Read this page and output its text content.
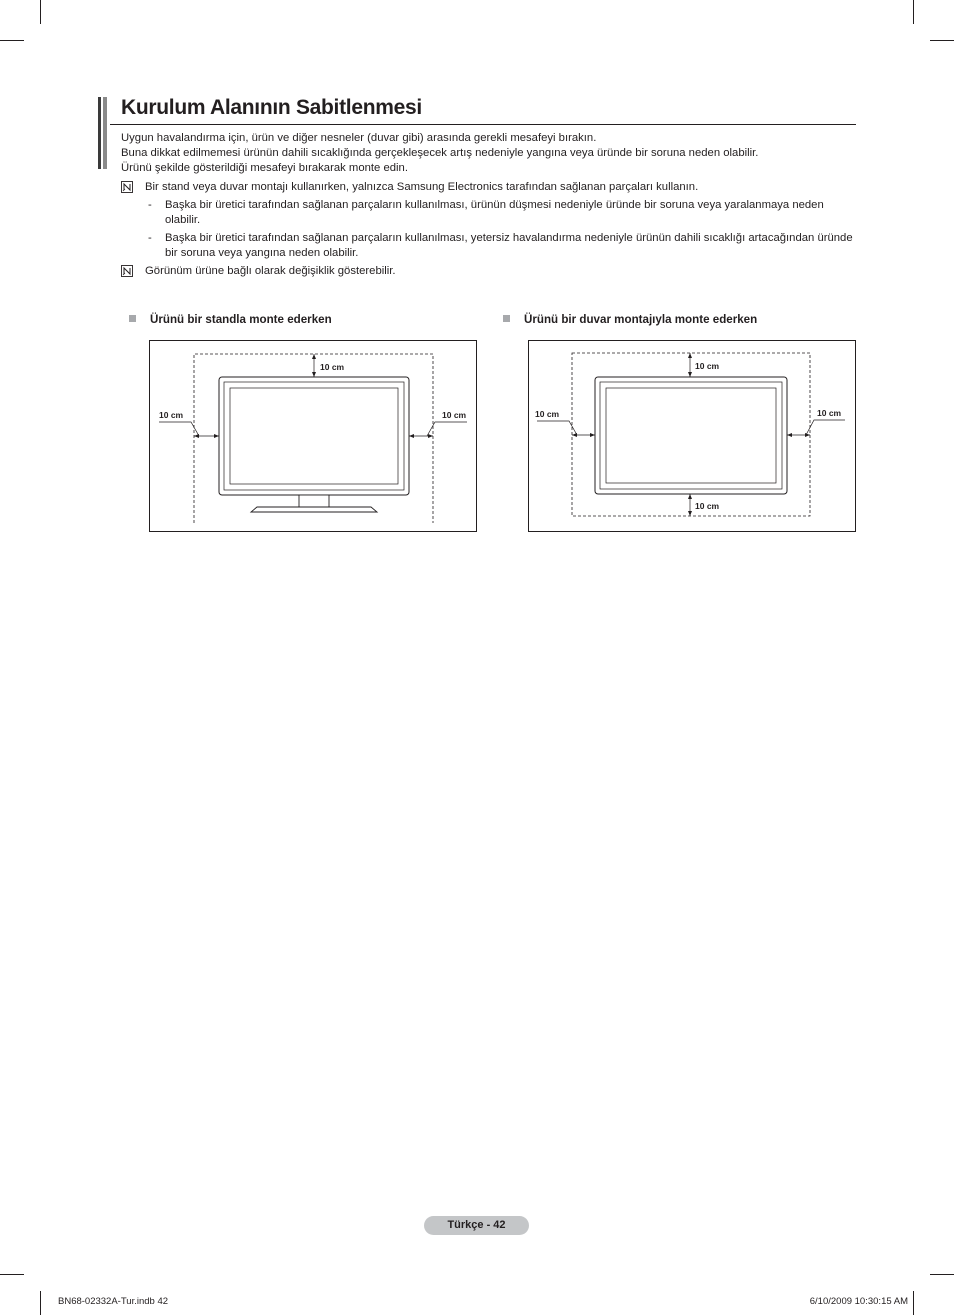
Kurulum Alanının Sabitlenmesi
Uygun havalandırma için, ürün ve diğer nesneler (duvar gibi) arasında gerekli mesafeyi bırakın.
Buna dikkat edilmemesi ürünün dahili sıcaklığında gerçekleşecek artış nedeniyle yangına veya üründe bir soruna neden olabilir.
Ürünü şekilde gösterildiği mesafeyi bırakarak monte edin.
Bir stand veya duvar montajı kullanırken, yalnızca Samsung Electronics tarafından sağlanan parçaları kullanın.
- Başka bir üretici tarafından sağlanan parçaların kullanılması, ürünün düşmesi nedeniyle üründe bir soruna veya yaralanmaya neden olabilir.
- Başka bir üretici tarafından sağlanan parçaların kullanılması, yetersiz havalandırma nedeniyle ürünün dahili sıcaklığı artacağından üründe bir soruna veya yangına neden olabilir.
Görünüm ürüne bağlı olarak değişiklik gösterebilir.
Ürünü bir standla monte ederken	Ürünü bir duvar montajıyla monte ederken
10 cm
10 cm	10 cm
10 cm
10 cm	10 cm
10 cm
Türkçe - 42
BN68-02332A-Tur.indb 42	6/10/2009 10:30:15 AM
